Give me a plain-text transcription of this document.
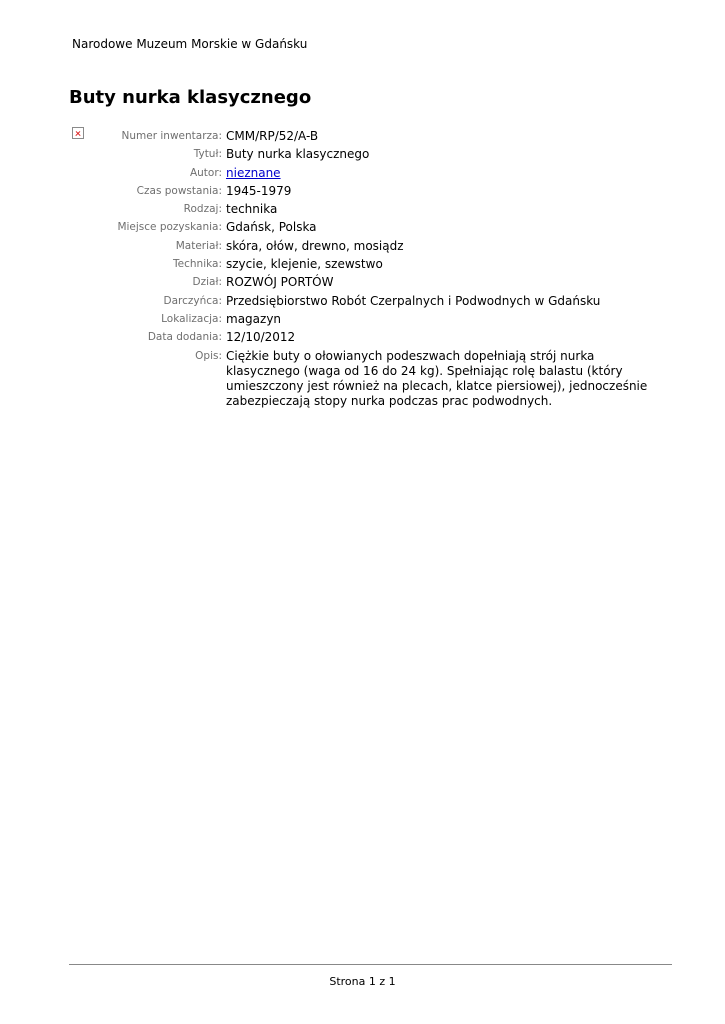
Narodowe Muzeum Morskie w Gdańsku
Buty nurka klasycznego
Numer inwentarza: CMM/RP/52/A-B
Tytuł: Buty nurka klasycznego
Autor: nieznane
Czas powstania: 1945-1979
Rodzaj: technika
Miejsce pozyskania: Gdańsk, Polska
Materiał: skóra, ołów, drewno, mosiądz
Technika: szycie, klejenie, szewstwo
Dział: ROZWÓJ PORTÓW
Darczyńca: Przedsiębiorstwo Robót Czerpalnych i Podwodnych w Gdańsku
Lokalizacja: magazyn
Data dodania: 12/10/2012
Opis: Ciężkie buty o ołowianych podeszwach dopełniają strój nurka klasycznego (waga od 16 do 24 kg). Spełniając rolę balastu (który umieszczony jest również na plecach, klatce piersiowej), jednocześnie zabezpieczają stopy nurka podczas prac podwodnych.
Strona 1 z 1
